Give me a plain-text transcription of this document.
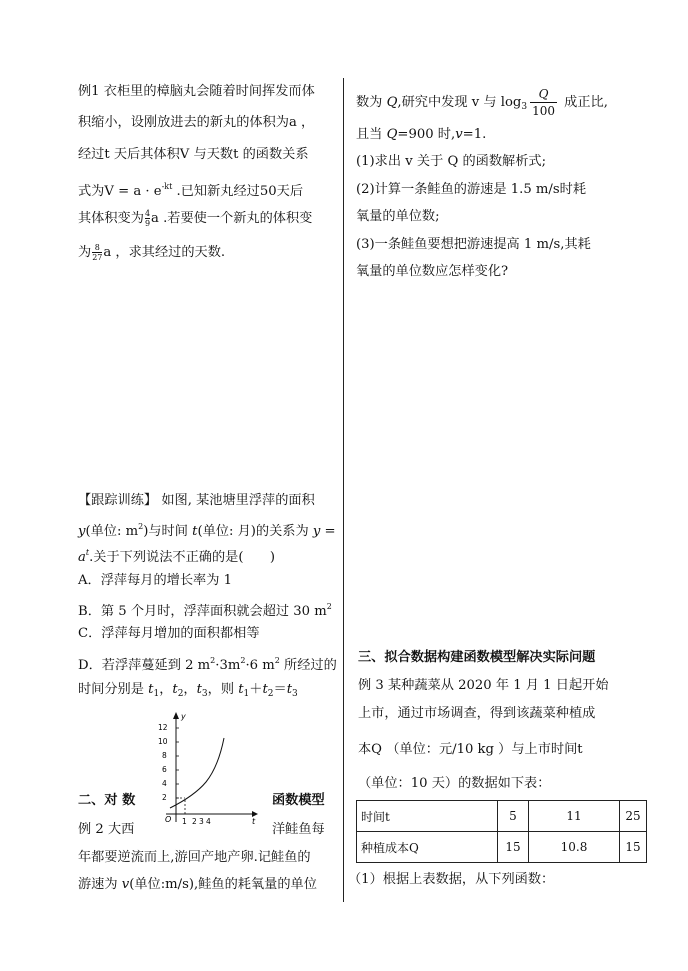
例1 衣柜里的樟脑丸会随着时间挥发而体
积缩小，设刚放进去的新丸的体积为a ，
经过t 天后其体积V 与天数t 的函数关系
式为$V = a \cdot e^{-kt}$ .已知新丸经过50天后
其体积变为 $\frac{4}{9}$ a .若要使一个新丸的体积变
为 $\frac{8}{27}$ a ，求其经过的天数.
【跟踪训练】 如图, 某池塘里浮萍的面积
y(单位: $m^2$)与时间 t(单位: 月)的关系为 y =
$a^t$.关于下列说法不正确的是(　　)
A．浮萍每月的增长率为 1
B．第 5 个月时，浮萍面积就会超过 30 $m^2$
C．浮萍每月增加的面积都相等
D．若浮萍蔓延到 2 $m^2\cdot 3m^2\cdot 6$ $m^2$ 所经过的
时间分别是 $t_1$，$t_2$，$t_3$，则 $t_1+t_2=t_3$
y
t
O
12
10
8
6
4
2
1 2 3 4
二、对 数	函数模型
例 2 大西	洋鲑鱼每
年都要逆流而上,游回产地产卵.记鲑鱼的
游速为 v(单位:m/s),鲑鱼的耗氧量的单位
数为 Q,研究中发现 v 与 $\log_3 \frac{Q}{100}$ 成正比,
且当 Q=900 时,v=1.
(1)求出 v 关于 Q 的函数解析式;
(2)计算一条鲑鱼的游速是 1.5 m/s时耗
氧量的单位数;
(3)一条鲑鱼要想把游速提高 1 m/s,其耗
氧量的单位数应怎样变化?
三、拟合数据构建函数模型解决实际问题
例 3 某种蔬菜从 2020 年 1 月 1 日起开始
上市，通过市场调查，得到该蔬菜种植成
本Q （单位：元/10 kg ）与上市时间t
（单位：10 天）的数据如下表：
时间t	5	11	25
种植成本Q	15	10.8	15
（1）根据上表数据，从下列函数：
